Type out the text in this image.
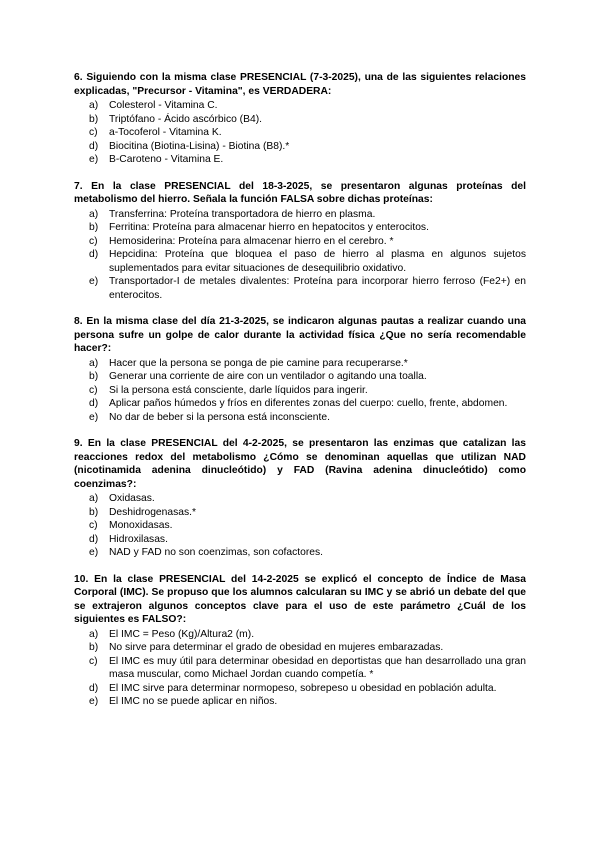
6. Siguiendo con la misma clase PRESENCIAL (7-3-2025), una de las siguientes relaciones explicadas, "Precursor - Vitamina", es VERDADERA:
a)	Colesterol - Vitamina C.
b)	Triptófano - Ácido ascórbico (B4).
c)	a-Tocoferol - Vitamina K.
d)	Biocitina (Biotina-Lisina) - Biotina (B8).*
e)	B-Caroteno - Vitamina E.
7. En la clase PRESENCIAL del 18-3-2025, se presentaron algunas proteínas del metabolismo del hierro. Señala la función FALSA sobre dichas proteínas:
a)	Transferrina: Proteína transportadora de hierro en plasma.
b)	Ferritina: Proteína para almacenar hierro en hepatocitos y enterocitos.
c)	Hemosiderina: Proteína para almacenar hierro en el cerebro. *
d)	Hepcidina: Proteína que bloquea el paso de hierro al plasma en algunos sujetos suplementados para evitar situaciones de desequilibrio oxidativo.
e)	Transportador-I de metales divalentes: Proteína para incorporar hierro ferroso (Fe2+) en enterocitos.
8. En la misma clase del día 21-3-2025, se indicaron algunas pautas a realizar cuando una persona sufre un golpe de calor durante la actividad física ¿Que no sería recomendable hacer?:
a)	Hacer que la persona se ponga de pie camine para recuperarse.*
b)	Generar una corriente de aire con un ventilador o agitando una toalla.
c)	Si la persona está consciente, darle líquidos para ingerir.
d)	Aplicar paños húmedos y fríos en diferentes zonas del cuerpo: cuello, frente, abdomen.
e)	No dar de beber si la persona está inconsciente.
9. En la clase PRESENCIAL del 4-2-2025, se presentaron las enzimas que catalizan las reacciones redox del metabolismo ¿Cómo se denominan aquellas que utilizan NAD (nicotinamida adenina dinucleótido) y FAD (Ravina adenina dinucleótido) como coenzimas?:
a)	Oxidasas.
b)	Deshidrogenasas.*
c)	Monoxidasas.
d)	Hidroxilasas.
e)	NAD y FAD no son coenzimas, son cofactores.
10. En la clase PRESENCIAL del 14-2-2025 se explicó el concepto de Índice de Masa Corporal (IMC). Se propuso que los alumnos calcularan su IMC y se abrió un debate del que se extrajeron algunos conceptos clave para el uso de este parámetro ¿Cuál de los siguientes es FALSO?:
a)	El IMC = Peso (Kg)/Altura2 (m).
b)	No sirve para determinar el grado de obesidad en mujeres embarazadas.
c)	El IMC es muy útil para determinar obesidad en deportistas que han desarrollado una gran masa muscular, como Michael Jordan cuando competía. *
d)	El IMC sirve para determinar normopeso, sobrepeso u obesidad en población adulta.
e)	El IMC no se puede aplicar en niños.
